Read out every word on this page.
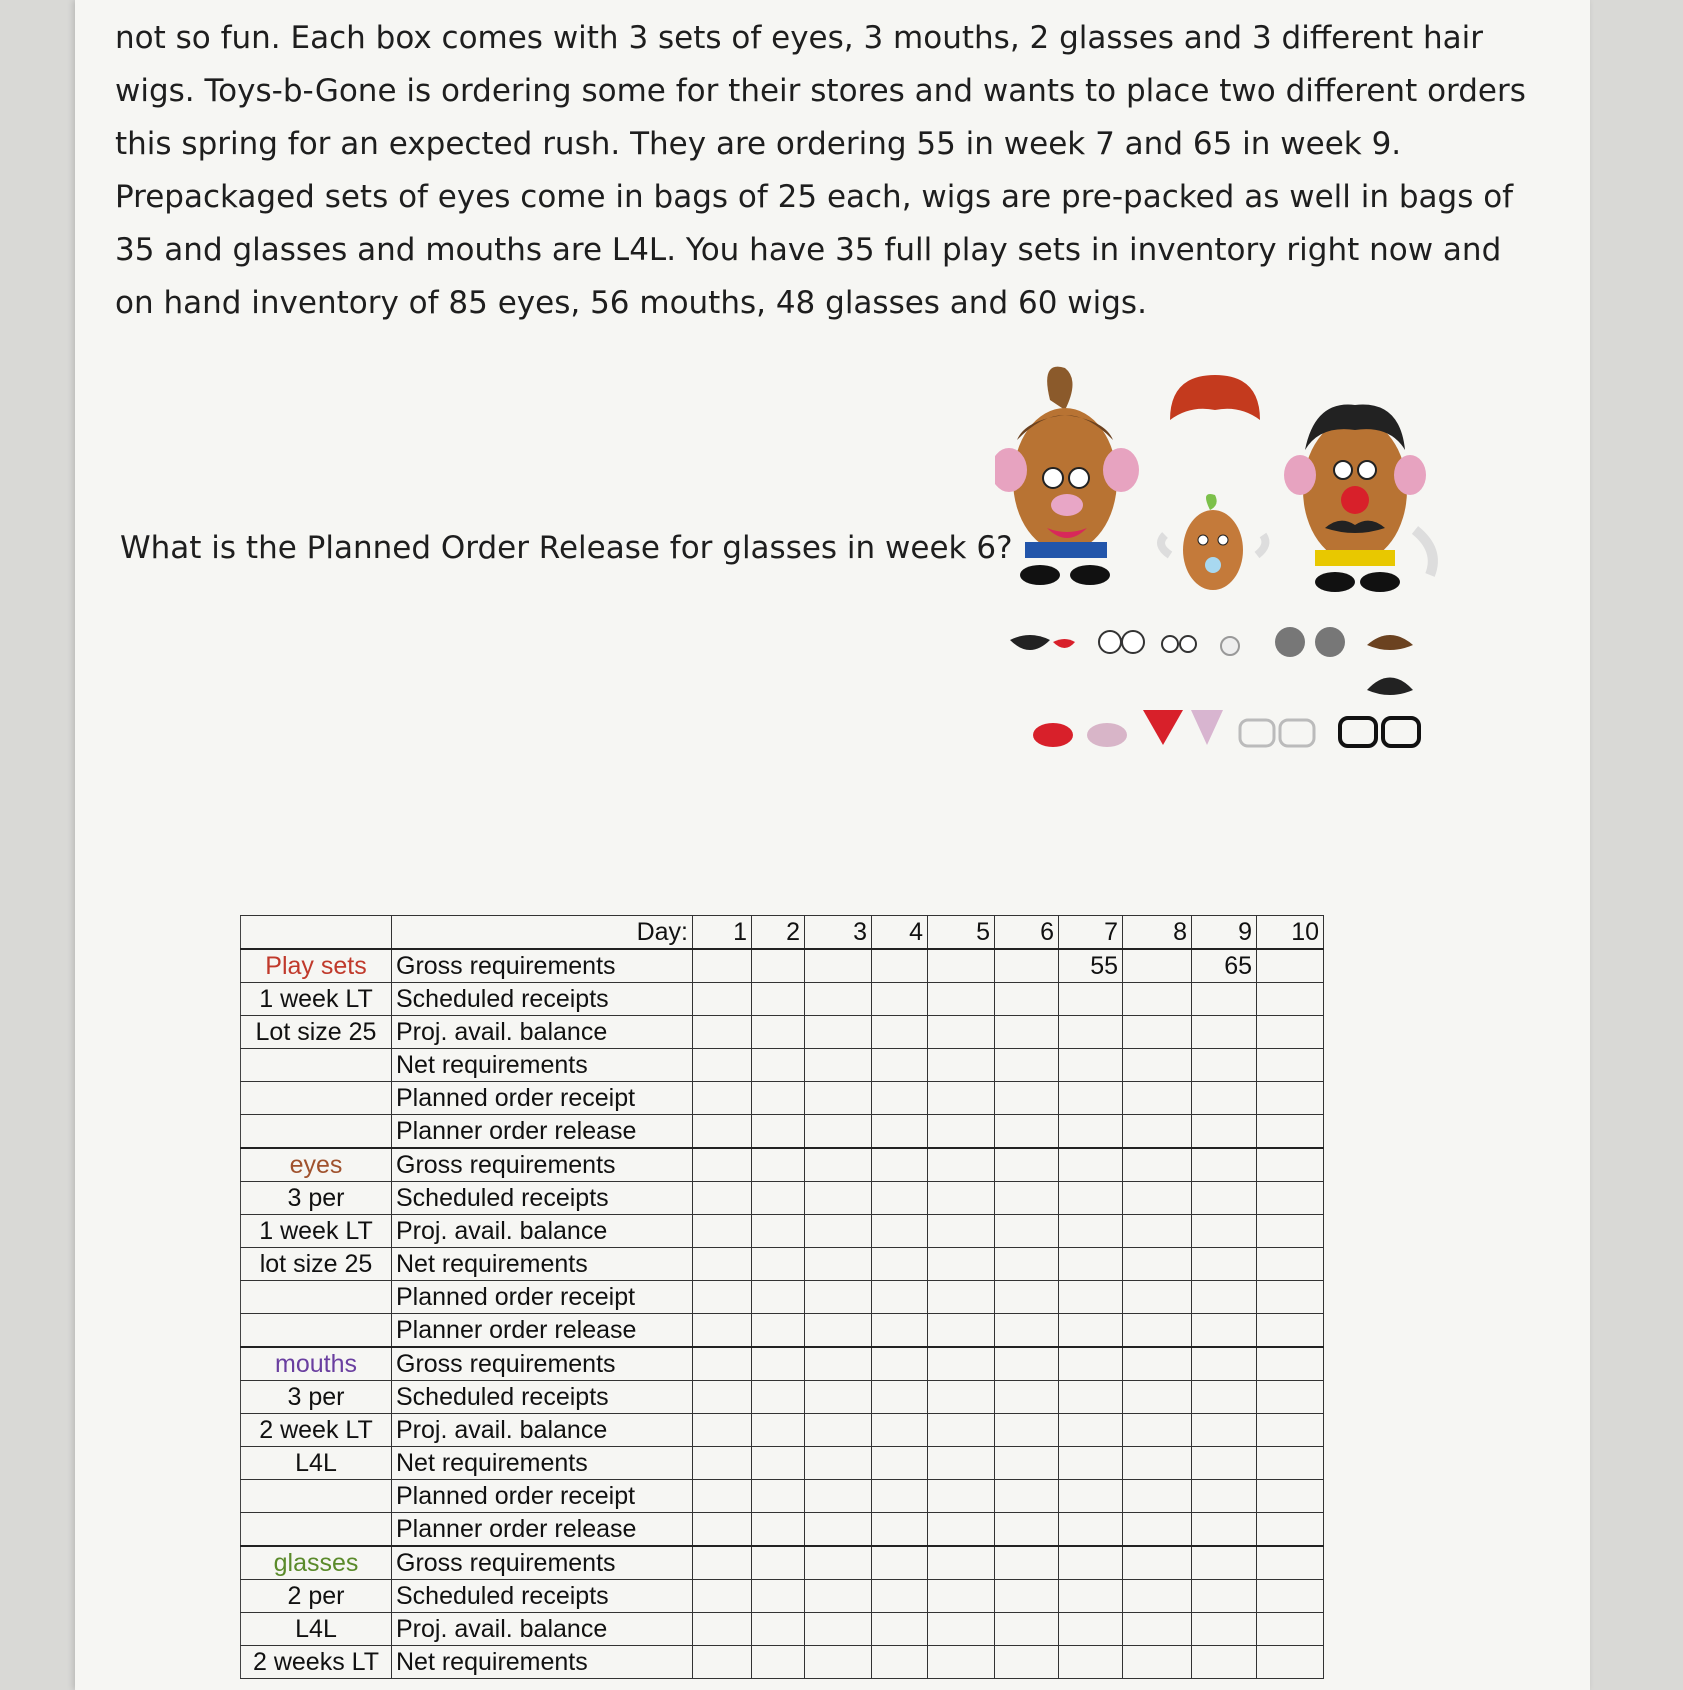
not so fun. Each box comes with 3 sets of eyes, 3 mouths, 2 glasses and 3 different hair wigs. Toys-b-Gone is ordering some for their stores and wants to place two different orders this spring for an expected rush. They are ordering 55 in week 7 and 65 in week 9. Prepackaged sets of eyes come in bags of 25 each, wigs are pre-packed as well in bags of 35 and glasses and mouths are L4L. You have 35 full play sets in inventory right now and on hand inventory of 85 eyes, 56 mouths, 48 glasses and 60 wigs.

What is the Planned Order Release for glasses in week 6?

	Day:	1	2	3	4	5	6	7	8	9	10
Play sets	Gross requirements							55		65	
1 week LT	Scheduled receipts										
Lot size 25	Proj. avail. balance										
	Net requirements										
	Planned order receipt										
	Planner order release										
eyes	Gross requirements										
3 per	Scheduled receipts										
1 week LT	Proj. avail. balance										
lot size 25	Net requirements										
	Planned order receipt										
	Planner order release										
mouths	Gross requirements										
3 per	Scheduled receipts										
2 week LT	Proj. avail. balance										
L4L	Net requirements										
	Planned order receipt										
	Planner order release										
glasses	Gross requirements										
2 per	Scheduled receipts										
L4L	Proj. avail. balance										
2 weeks LT	Net requirements										
